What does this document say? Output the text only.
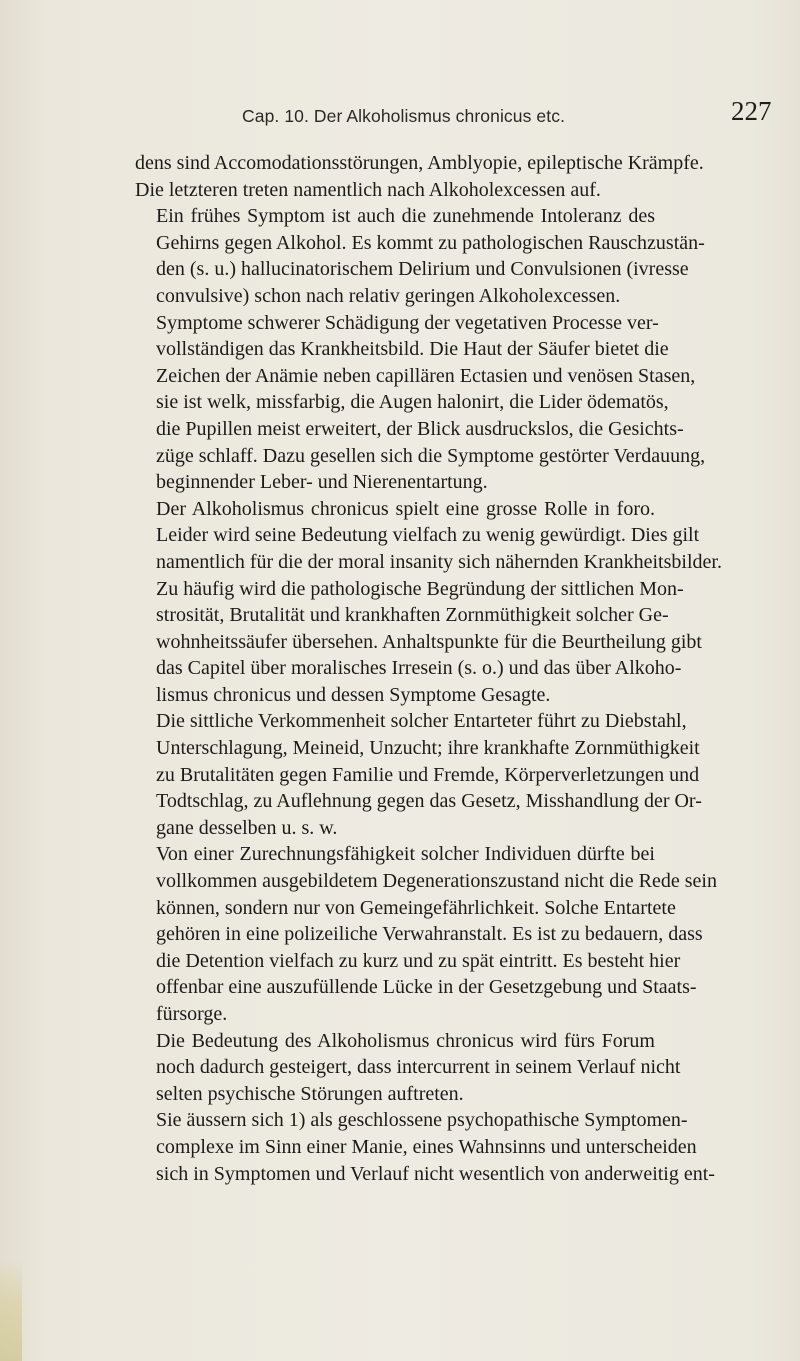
Cap. 10. Der Alkoholismus chronicus etc.	227

dens sind Accomodationsstörungen, Amblyopie, epileptische Krämpfe.
Die letzteren treten namentlich nach Alkoholexcessen auf.

Ein frühes Symptom ist auch die zunehmende Intoleranz des
Gehirns gegen Alkohol. Es kommt zu pathologischen Rauschzustän-
den (s. u.) hallucinatorischem Delirium und Convulsionen (ivresse
convulsive) schon nach relativ geringen Alkoholexcessen.

Symptome schwerer Schädigung der vegetativen Processe ver-
vollständigen das Krankheitsbild. Die Haut der Säufer bietet die
Zeichen der Anämie neben capillären Ectasien und venösen Stasen,
sie ist welk, missfarbig, die Augen halonirt, die Lider ödematös,
die Pupillen meist erweitert, der Blick ausdruckslos, die Gesichts-
züge schlaff. Dazu gesellen sich die Symptome gestörter Verdauung,
beginnender Leber- und Nierenentartung.

Der Alkoholismus chronicus spielt eine grosse Rolle in foro.
Leider wird seine Bedeutung vielfach zu wenig gewürdigt. Dies gilt
namentlich für die der moral insanity sich nähernden Krankheitsbilder.
Zu häufig wird die pathologische Begründung der sittlichen Mon-
strosität, Brutalität und krankhaften Zornmüthigkeit solcher Ge-
wohnheitssäufer übersehen. Anhaltspunkte für die Beurtheilung gibt
das Capitel über moralisches Irresein (s. o.) und das über Alkoho-
lismus chronicus und dessen Symptome Gesagte.

Die sittliche Verkommenheit solcher Entarteter führt zu Diebstahl,
Unterschlagung, Meineid, Unzucht; ihre krankhafte Zornmüthigkeit
zu Brutalitäten gegen Familie und Fremde, Körperverletzungen und
Todtschlag, zu Auflehnung gegen das Gesetz, Misshandlung der Or-
gane desselben u. s. w.

Von einer Zurechnungsfähigkeit solcher Individuen dürfte bei
vollkommen ausgebildetem Degenerationszustand nicht die Rede sein
können, sondern nur von Gemeingefährlichkeit. Solche Entartete
gehören in eine polizeiliche Verwahranstalt. Es ist zu bedauern, dass
die Detention vielfach zu kurz und zu spät eintritt. Es besteht hier
offenbar eine auszufüllende Lücke in der Gesetzgebung und Staats-
fürsorge.

Die Bedeutung des Alkoholismus chronicus wird fürs Forum
noch dadurch gesteigert, dass intercurrent in seinem Verlauf nicht
selten psychische Störungen auftreten.

Sie äussern sich 1) als geschlossene psychopathische Symptomen-
complexe im Sinn einer Manie, eines Wahnsinns und unterscheiden
sich in Symptomen und Verlauf nicht wesentlich von anderweitig ent-
